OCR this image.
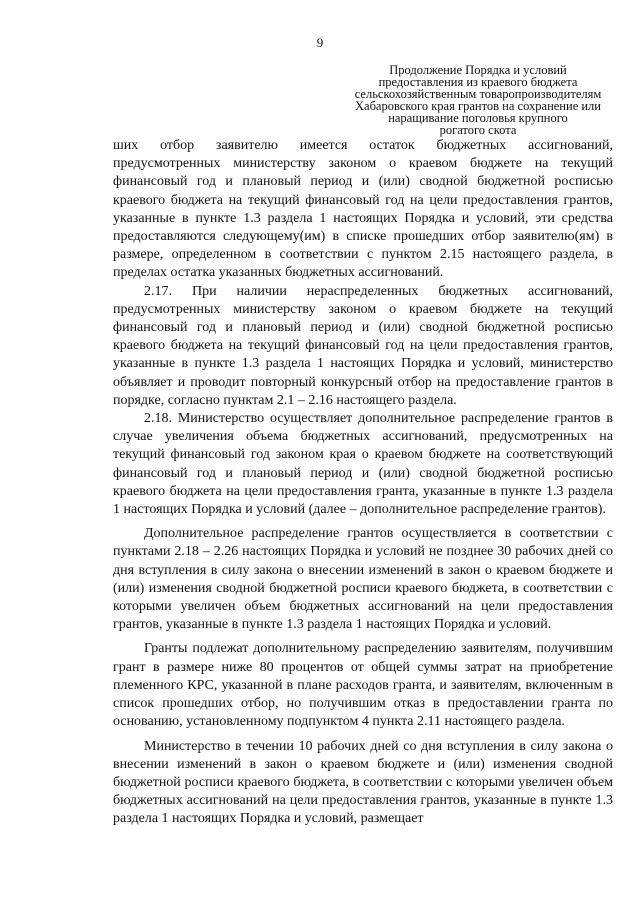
9
Продолжение Порядка и условий
предоставления из краевого бюджета
сельскохозяйственным товаропроизводителям
Хабаровского края грантов на сохранение или
наращивание поголовья крупного
рогатого скота

ших отбор заявителю имеется остаток бюджетных ассигнований, предусмотренных министерству законом о краевом бюджете на текущий финансовый год и плановый период и (или) сводной бюджетной росписью краевого бюджета на текущий финансовый год на цели предоставления грантов, указанные в пункте 1.3 раздела 1 настоящих Порядка и условий, эти средства предоставляются следующему(им) в списке прошедших отбор заявителю(ям) в размере, определенном в соответствии с пунктом 2.15 настоящего раздела, в пределах остатка указанных бюджетных ассигнований.

2.17. При наличии нераспределенных бюджетных ассигнований, предусмотренных министерству законом о краевом бюджете на текущий финансовый год и плановый период и (или) сводной бюджетной росписью краевого бюджета на текущий финансовый год на цели предоставления грантов, указанные в пункте 1.3 раздела 1 настоящих Порядка и условий, министерство объявляет и проводит повторный конкурсный отбор на предоставление грантов в порядке, согласно пунктам 2.1 – 2.16 настоящего раздела.

2.18. Министерство осуществляет дополнительное распределение грантов в случае увеличения объема бюджетных ассигнований, предусмотренных на текущий финансовый год законом края о краевом бюджете на соответствующий финансовый год и плановый период и (или) сводной бюджетной росписью краевого бюджета на цели предоставления гранта, указанные в пункте 1.3 раздела 1 настоящих Порядка и условий (далее – дополнительное распределение грантов).

Дополнительное распределение грантов осуществляется в соответствии с пунктами 2.18 – 2.26 настоящих Порядка и условий не позднее 30 рабочих дней со дня вступления в силу закона о внесении изменений в закон о краевом бюджете и (или) изменения сводной бюджетной росписи краевого бюджета, в соответствии с которыми увеличен объем бюджетных ассигнований на цели предоставления грантов, указанные в пункте 1.3 раздела 1 настоящих Порядка и условий.

Гранты подлежат дополнительному распределению заявителям, получившим грант в размере ниже 80 процентов от общей суммы затрат на приобретение племенного КРС, указанной в плане расходов гранта, и заявителям, включенным в список прошедших отбор, но получившим отказ в предоставлении гранта по основанию, установленному подпунктом 4 пункта 2.11 настоящего раздела.

Министерство в течении 10 рабочих дней со дня вступления в силу закона о внесении изменений в закон о краевом бюджете и (или) изменения сводной бюджетной росписи краевого бюджета, в соответствии с которыми увеличен объем бюджетных ассигнований на цели предоставления грантов, указанные в пункте 1.3 раздела 1 настоящих Порядка и условий, размещает
